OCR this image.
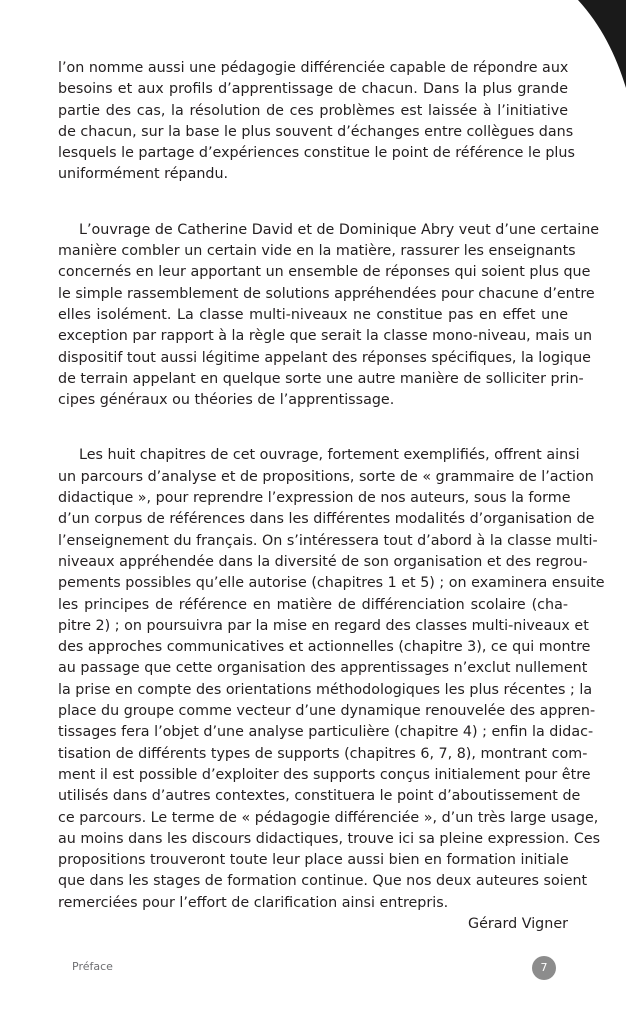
l’on nomme aussi une pédagogie différenciée capable de répondre aux
besoins et aux profils d’apprentissage de chacun. Dans la plus grande
partie des cas, la résolution de ces problèmes est laissée à l’initiative
de chacun, sur la base le plus souvent d’échanges entre collègues dans
lesquels le partage d’expériences constitue le point de référence le plus
uniformément répandu.

L’ouvrage de Catherine David et de Dominique Abry veut d’une certaine
manière combler un certain vide en la matière, rassurer les enseignants
concernés en leur apportant un ensemble de réponses qui soient plus que
le simple rassemblement de solutions appréhendées pour chacune d’entre
elles isolément. La classe multi-niveaux ne constitue pas en effet une
exception par rapport à la règle que serait la classe mono-niveau, mais un
dispositif tout aussi légitime appelant des réponses spécifiques, la logique
de terrain appelant en quelque sorte une autre manière de solliciter prin-
cipes généraux ou théories de l’apprentissage.

Les huit chapitres de cet ouvrage, fortement exemplifiés, offrent ainsi
un parcours d’analyse et de propositions, sorte de « grammaire de l’action
didactique », pour reprendre l’expression de nos auteurs, sous la forme
d’un corpus de références dans les différentes modalités d’organisation de
l’enseignement du français. On s’intéressera tout d’abord à la classe multi-
niveaux appréhendée dans la diversité de son organisation et des regrou-
pements possibles qu’elle autorise (chapitres 1 et 5) ; on examinera ensuite
les principes de référence en matière de différenciation scolaire (cha-
pitre 2) ; on poursuivra par la mise en regard des classes multi-niveaux et
des approches communicatives et actionnelles (chapitre 3), ce qui montre
au passage que cette organisation des apprentissages n’exclut nullement
la prise en compte des orientations méthodologiques les plus récentes ; la
place du groupe comme vecteur d’une dynamique renouvelée des appren-
tissages fera l’objet d’une analyse particulière (chapitre 4) ; enfin la didac-
tisation de différents types de supports (chapitres 6, 7, 8), montrant com-
ment il est possible d’exploiter des supports conçus initialement pour être
utilisés dans d’autres contextes, constituera le point d’aboutissement de
ce parcours. Le terme de « pédagogie différenciée », d’un très large usage,
au moins dans les discours didactiques, trouve ici sa pleine expression. Ces
propositions trouveront toute leur place aussi bien en formation initiale
que dans les stages de formation continue. Que nos deux auteures soient
remerciées pour l’effort de clarification ainsi entrepris.

Gérard Vigner
Préface	7
